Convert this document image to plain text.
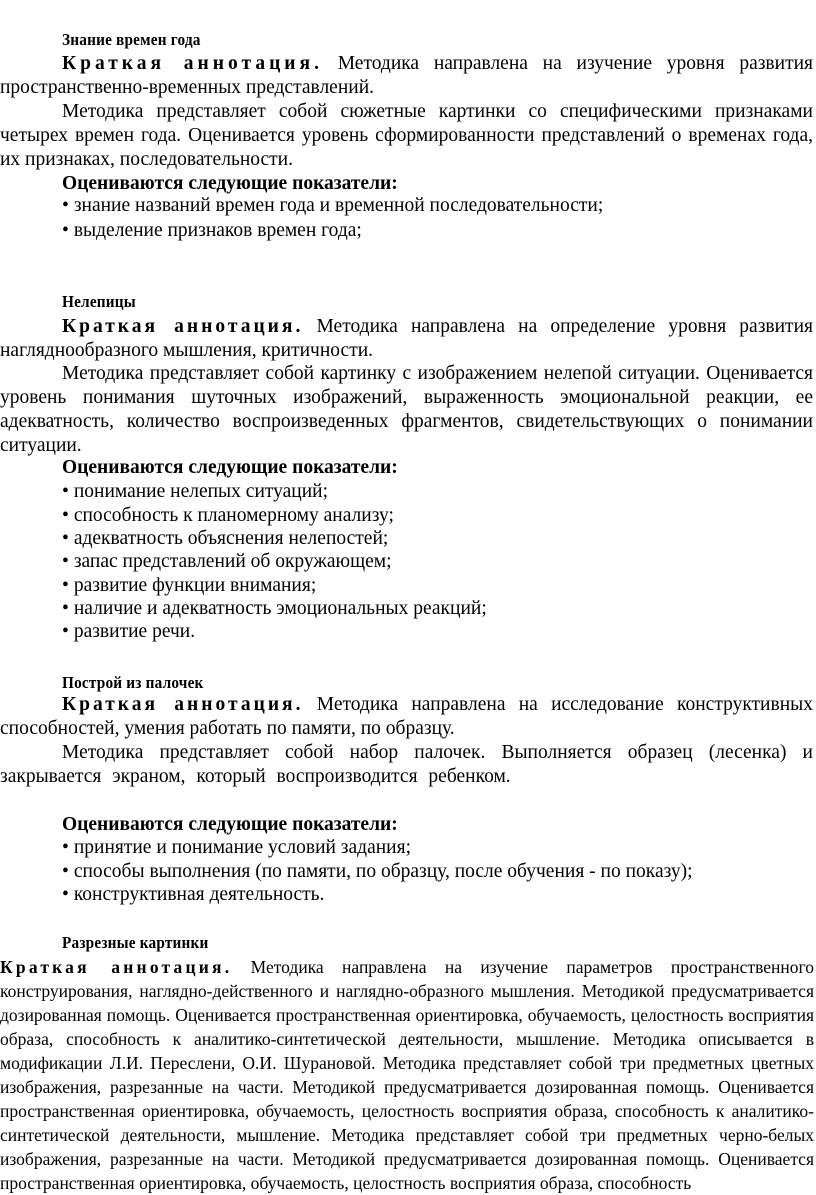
Знание времен года
Краткая аннотация. Методика направлена на изучение уровня развития пространственно-временных представлений.
Методика представляет собой сюжетные картинки со специфическими признаками четырех времен года. Оценивается уровень сформированности представлений о временах года, их признаках, последовательности.
Оцениваются следующие показатели:
• знание названий времен года и временной последовательности;
• выделение признаков времен года;
Нелепицы
Краткая аннотация. Методика направлена на определение уровня развития нагляднообразного мышления, критичности.
Методика представляет собой картинку с изображением нелепой ситуации. Оценивается уровень понимания шуточных изображений, выраженность эмоциональной реакции, ее адекватность, количество воспроизведенных фрагментов, свидетельствующих о понимании ситуации.
Оцениваются следующие показатели:
• понимание нелепых ситуаций;
• способность к планомерному анализу;
• адекватность объяснения нелепостей;
• запас представлений об окружающем;
• развитие функции внимания;
• наличие и адекватность эмоциональных реакций;
• развитие речи.
Построй из палочек
Краткая аннотация. Методика направлена на исследование конструктивных способностей, умения работать по памяти, по образцу.
Методика представляет собой набор палочек. Выполняется образец (лесенка) и закрывается экраном, который воспроизводится ребенком.
Оцениваются следующие показатели:
• принятие и понимание условий задания;
• способы выполнения (по памяти, по образцу, после обучения - по показу);
• конструктивная деятельность.
Разрезные картинки
Краткая аннотация. Методика направлена на изучение параметров пространственного конструирования, наглядно-действенного и наглядно-образного мышления. Методикой предусматривается дозированная помощь. Оценивается пространственная ориентировка, обучаемость, целостность восприятия образа, способность к аналитико-синтетической деятельности, мышление. Методика описывается в модификации Л.И. Переслени, О.И. Шурановой. Методика представляет собой три предметных цветных изображения, разрезанные на части. Методикой предусматривается дозированная помощь. Оценивается пространственная ориентировка, обучаемость, целостность восприятия образа, способность к аналитико-синтетической деятельности, мышление. Методика представляет собой три предметных черно-белых изображения, разрезанные на части. Методикой предусматривается дозированная помощь. Оценивается пространственная ориентировка, обучаемость, целостность восприятия образа, способность
